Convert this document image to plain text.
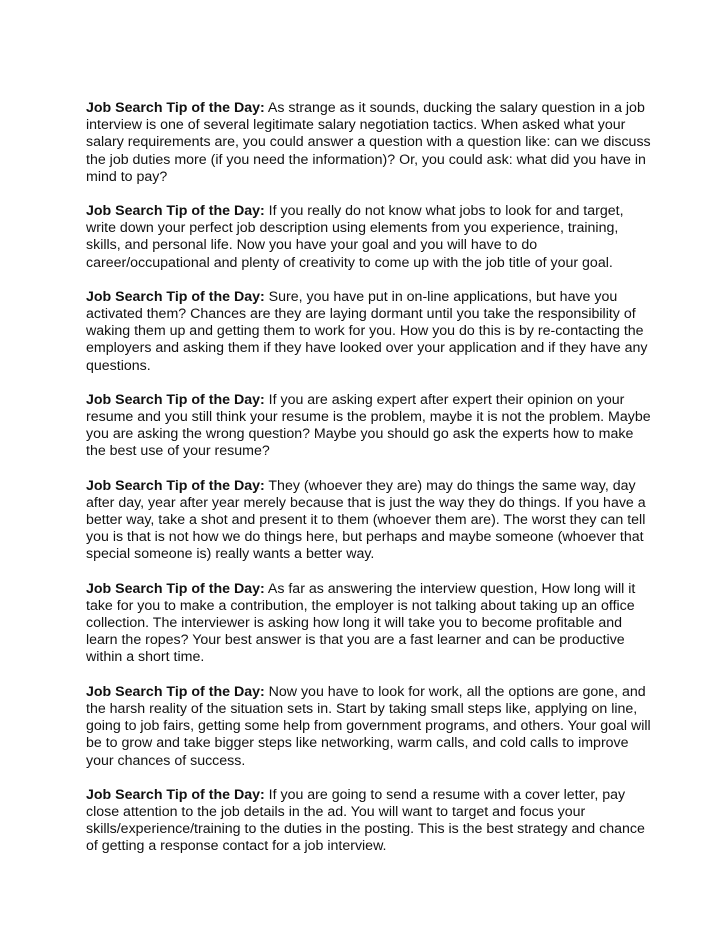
Job Search Tip of the Day: As strange as it sounds, ducking the salary question in a job interview is one of several legitimate salary negotiation tactics. When asked what your salary requirements are, you could answer a question with a question like: can we discuss the job duties more (if you need the information)? Or, you could ask: what did you have in mind to pay?

Job Search Tip of the Day: If you really do not know what jobs to look for and target, write down your perfect job description using elements from you experience, training, skills, and personal life. Now you have your goal and you will have to do career/occupational and plenty of creativity to come up with the job title of your goal.

Job Search Tip of the Day: Sure, you have put in on-line applications, but have you activated them? Chances are they are laying dormant until you take the responsibility of waking them up and getting them to work for you. How you do this is by re-contacting the employers and asking them if they have looked over your application and if they have any questions.

Job Search Tip of the Day: If you are asking expert after expert their opinion on your resume and you still think your resume is the problem, maybe it is not the problem. Maybe you are asking the wrong question? Maybe you should go ask the experts how to make the best use of your resume?

Job Search Tip of the Day: They (whoever they are) may do things the same way, day after day, year after year merely because that is just the way they do things. If you have a better way, take a shot and present it to them (whoever them are). The worst they can tell you is that is not how we do things here, but perhaps and maybe someone (whoever that special someone is) really wants a better way.

Job Search Tip of the Day: As far as answering the interview question, How long will it take for you to make a contribution, the employer is not talking about taking up an office collection. The interviewer is asking how long it will take you to become profitable and learn the ropes? Your best answer is that you are a fast learner and can be productive within a short time.

Job Search Tip of the Day: Now you have to look for work, all the options are gone, and the harsh reality of the situation sets in. Start by taking small steps like, applying on line, going to job fairs, getting some help from government programs, and others. Your goal will be to grow and take bigger steps like networking, warm calls, and cold calls to improve your chances of success.

Job Search Tip of the Day: If you are going to send a resume with a cover letter, pay close attention to the job details in the ad. You will want to target and focus your skills/experience/training to the duties in the posting. This is the best strategy and chance of getting a response contact for a job interview.
